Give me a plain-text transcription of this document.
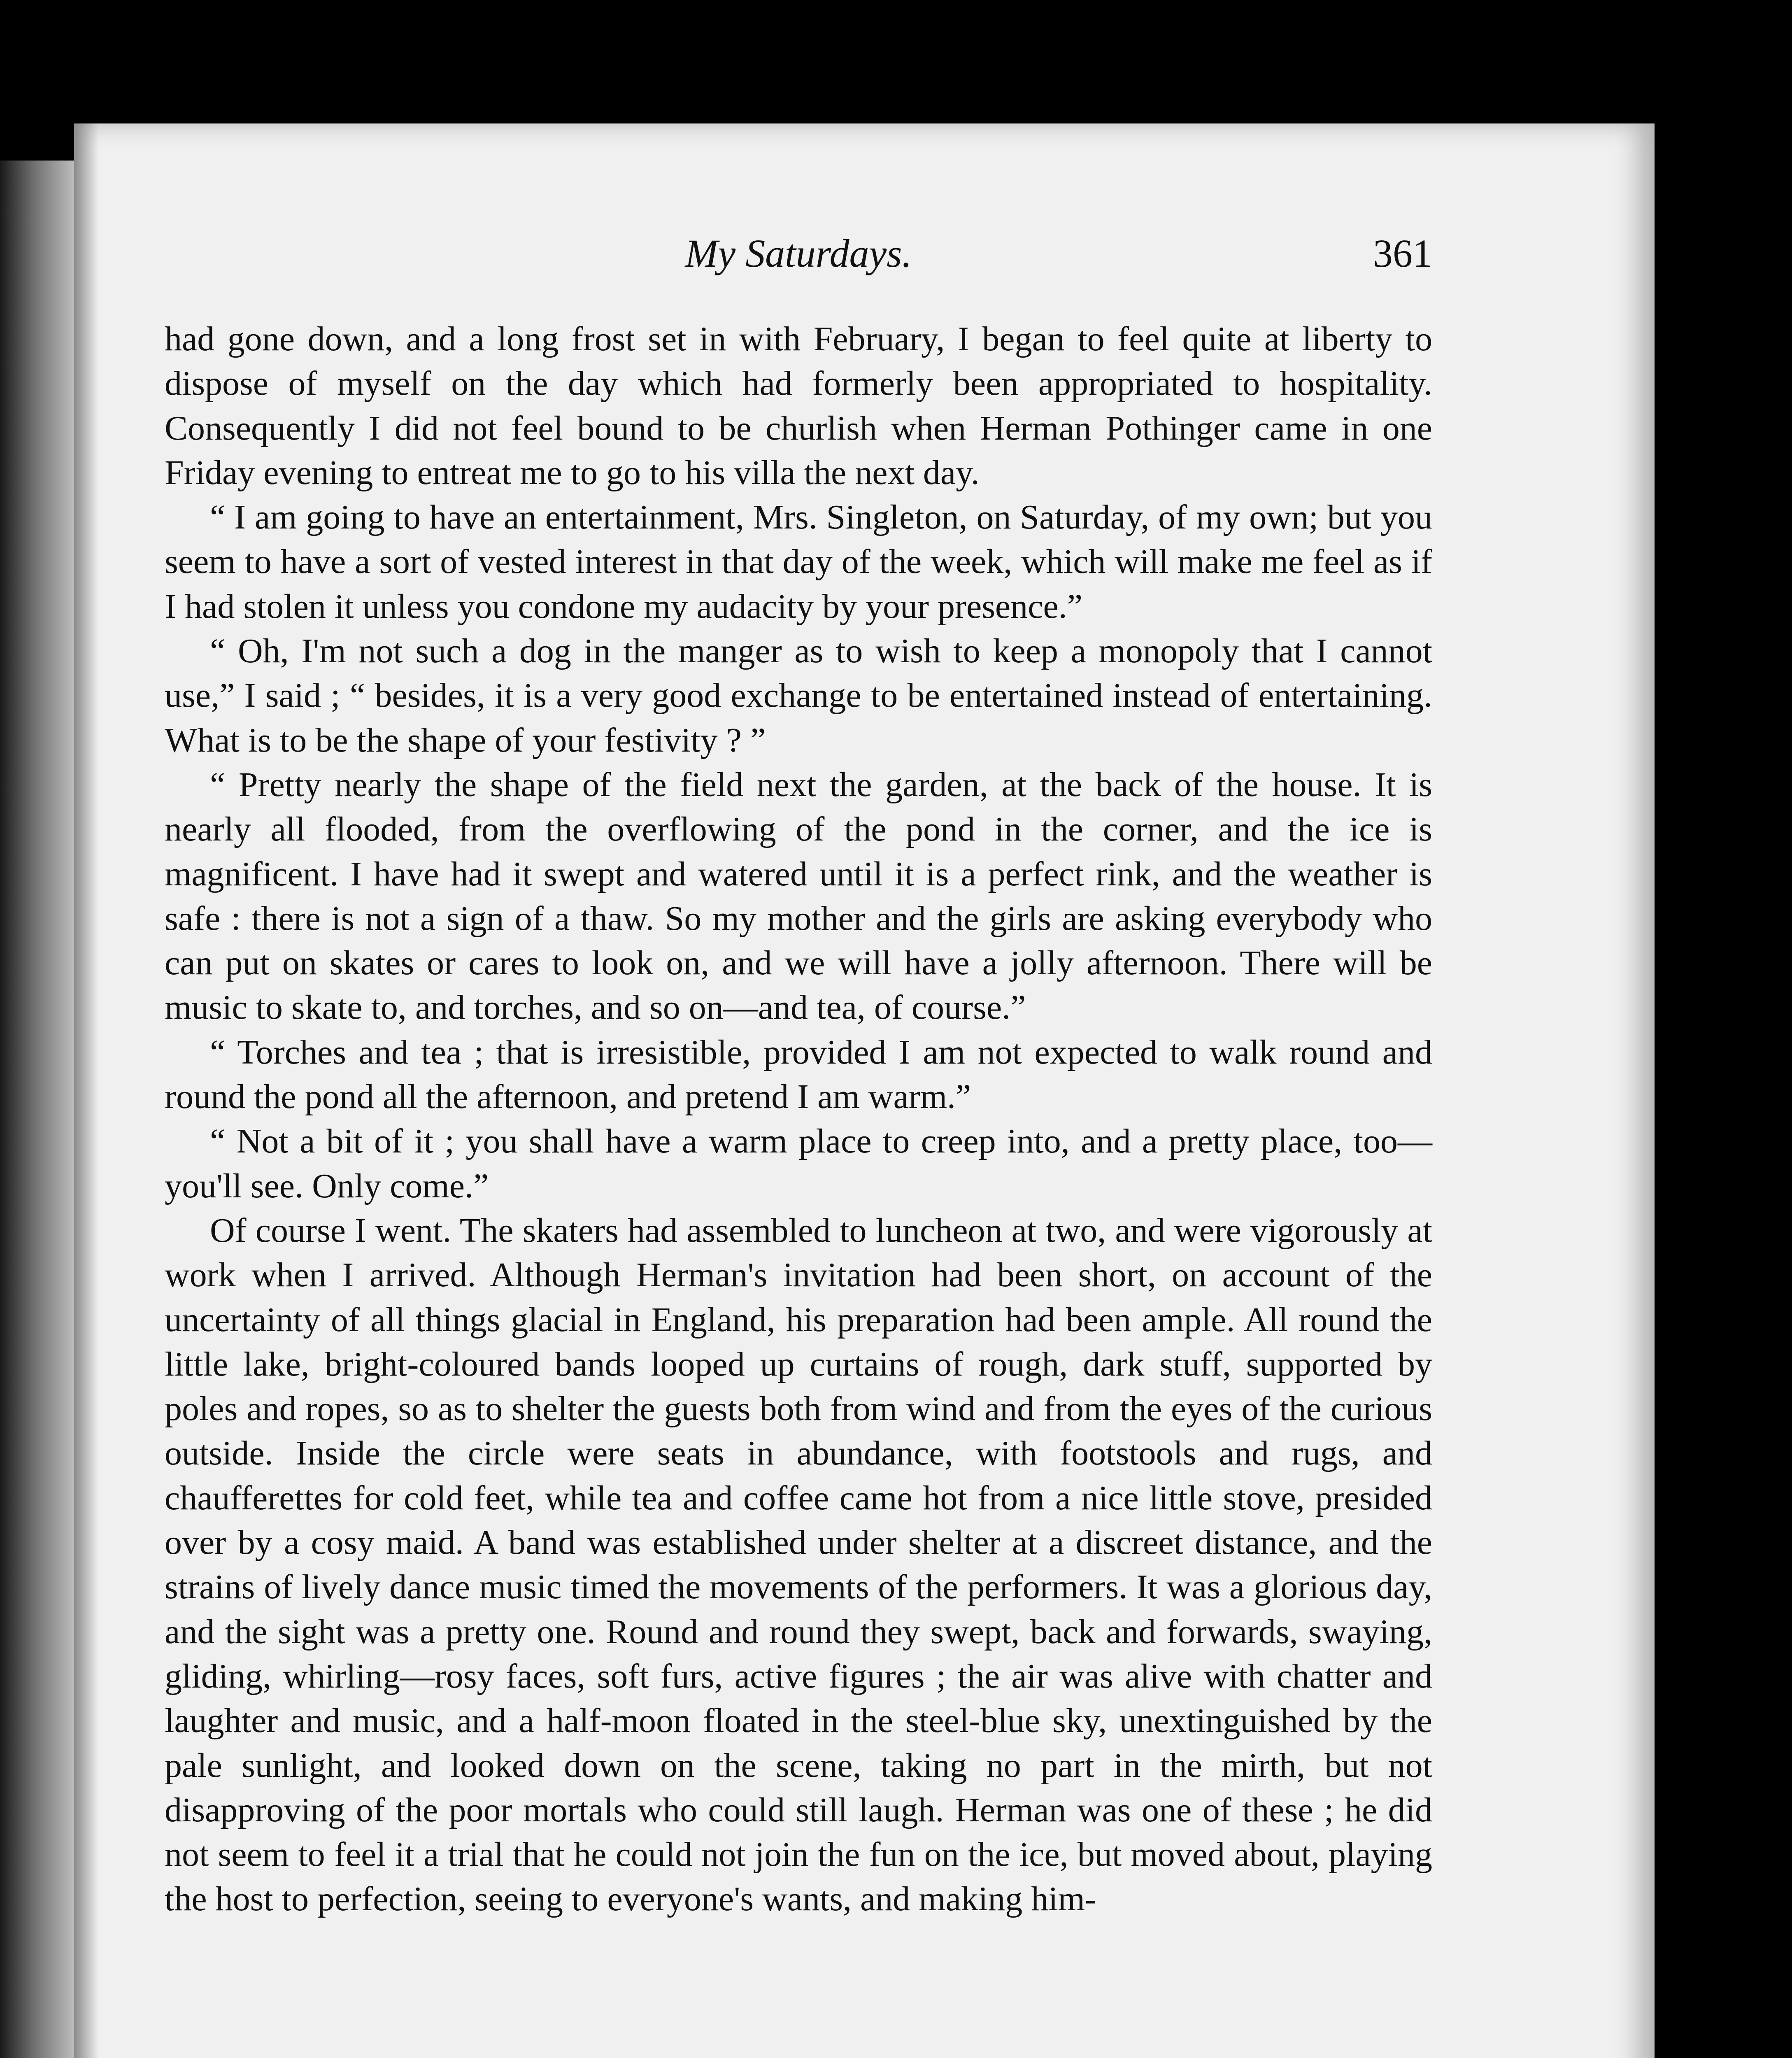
My Saturdays.	361

had gone down, and a long frost set in with February, I began to feel quite at liberty to dispose of myself on the day which had formerly been appropriated to hospitality. Consequently I did not feel bound to be churlish when Herman Pothinger came in one Friday evening to entreat me to go to his villa the next day.

“ I am going to have an entertainment, Mrs. Singleton, on Saturday, of my own; but you seem to have a sort of vested interest in that day of the week, which will make me feel as if I had stolen it unless you condone my audacity by your presence.”

“ Oh, I'm not such a dog in the manger as to wish to keep a monopoly that I cannot use,” I said ; “ besides, it is a very good exchange to be entertained instead of entertaining. What is to be the shape of your festivity ? ”

“ Pretty nearly the shape of the field next the garden, at the back of the house. It is nearly all flooded, from the overflowing of the pond in the corner, and the ice is magnificent. I have had it swept and watered until it is a perfect rink, and the weather is safe : there is not a sign of a thaw. So my mother and the girls are asking everybody who can put on skates or cares to look on, and we will have a jolly afternoon. There will be music to skate to, and torches, and so on—and tea, of course.”

“ Torches and tea ; that is irresistible, provided I am not expected to walk round and round the pond all the afternoon, and pretend I am warm.”

“ Not a bit of it ; you shall have a warm place to creep into, and a pretty place, too—you'll see. Only come.”

Of course I went. The skaters had assembled to luncheon at two, and were vigorously at work when I arrived. Although Herman's invitation had been short, on account of the uncertainty of all things glacial in England, his preparation had been ample. All round the little lake, bright-coloured bands looped up curtains of rough, dark stuff, supported by poles and ropes, so as to shelter the guests both from wind and from the eyes of the curious outside. Inside the circle were seats in abundance, with footstools and rugs, and chaufferettes for cold feet, while tea and coffee came hot from a nice little stove, presided over by a cosy maid. A band was established under shelter at a discreet distance, and the strains of lively dance music timed the movements of the performers. It was a glorious day, and the sight was a pretty one. Round and round they swept, back and forwards, swaying, gliding, whirling—rosy faces, soft furs, active figures ; the air was alive with chatter and laughter and music, and a half-moon floated in the steel-blue sky, unextinguished by the pale sunlight, and looked down on the scene, taking no part in the mirth, but not disapproving of the poor mortals who could still laugh. Herman was one of these ; he did not seem to feel it a trial that he could not join the fun on the ice, but moved about, playing the host to perfection, seeing to everyone's wants, and making him-
